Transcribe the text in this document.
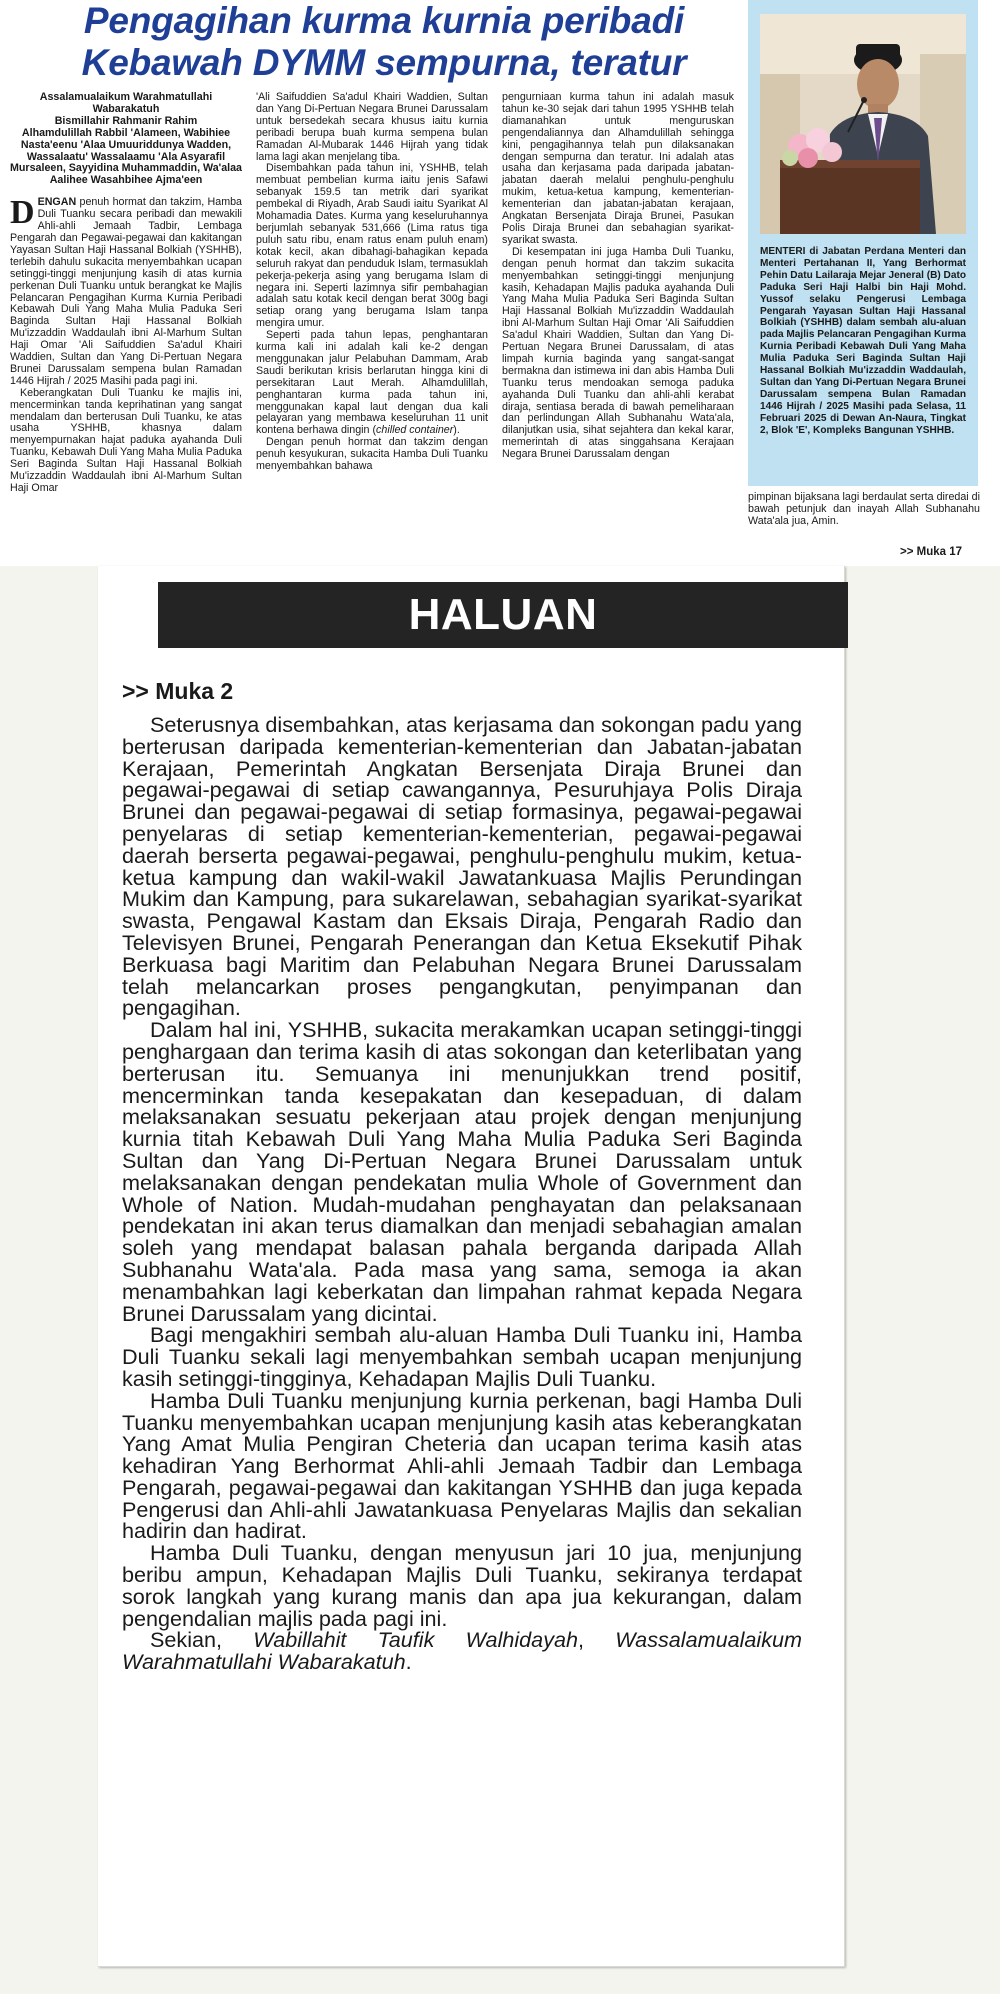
Pengagihan kurma kurnia peribadi
Kebawah DYMM sempurna, teratur
Assalamualaikum Warahmatullahi Wabarakatuh
Bismillahir Rahmanir Rahim
Alhamdulillah Rabbil 'Alameen, Wabihiee Nasta'eenu 'Alaa Umuuriddunya Wadden, Wassalaatu' Wassalaamu 'Ala Asyarafil Mursaleen, Sayyidina Muhammaddin, Wa'alaa Aalihee Wasahbihee Ajma'een

DENGAN penuh hormat dan takzim, Hamba Duli Tuanku secara peribadi dan mewakili Ahli-ahli Jemaah Tadbir, Lembaga Pengarah dan Pegawai-pegawai dan kakitangan Yayasan Sultan Haji Hassanal Bolkiah (YSHHB), terlebih dahulu sukacita menyembahkan ucapan setinggi-tinggi menjunjung kasih di atas kurnia perkenan Duli Tuanku untuk berangkat ke Majlis Pelancaran Pengagihan Kurma Kurnia Peribadi Kebawah Duli Yang Maha Mulia Paduka Seri Baginda Sultan Haji Hassanal Bolkiah Mu'izzaddin Waddaulah ibni Al-Marhum Sultan Haji Omar 'Ali Saifuddien Sa'adul Khairi Waddien, Sultan dan Yang Di-Pertuan Negara Brunei Darussalam sempena bulan Ramadan 1446 Hijrah / 2025 Masihi pada pagi ini.

Keberangkatan Duli Tuanku ke majlis ini, mencerminkan tanda keprihatinan yang sangat mendalam dan berterusan Duli Tuanku, ke atas usaha YSHHB, khasnya dalam menyempurnakan hajat paduka ayahanda Duli Tuanku, Kebawah Duli Yang Maha Mulia Paduka Seri Baginda Sultan Haji Hassanal Bolkiah Mu'izzaddin Waddaulah ibni Al-Marhum Sultan Haji Omar

'Ali Saifuddien Sa'adul Khairi Waddien, Sultan dan Yang Di-Pertuan Negara Brunei Darussalam untuk bersedekah secara khusus iaitu kurnia peribadi berupa buah kurma sempena bulan Ramadan Al-Mubarak 1446 Hijrah yang tidak lama lagi akan menjelang tiba.

Disembahkan pada tahun ini, YSHHB, telah membuat pembelian kurma iaitu jenis Safawi sebanyak 159.5 tan metrik dari syarikat pembekal di Riyadh, Arab Saudi iaitu Syarikat Al Mohamadia Dates. Kurma yang keseluruhannya berjumlah sebanyak 531,666 (Lima ratus tiga puluh satu ribu, enam ratus enam puluh enam) kotak kecil, akan dibahagi-bahagikan kepada seluruh rakyat dan penduduk Islam, termasuklah pekerja-pekerja asing yang berugama Islam di negara ini. Seperti lazimnya sifir pembahagian adalah satu kotak kecil dengan berat 300g bagi setiap orang yang berugama Islam tanpa mengira umur.

Seperti pada tahun lepas, penghantaran kurma kali ini adalah kali ke-2 dengan menggunakan jalur Pelabuhan Dammam, Arab Saudi berikutan krisis berlarutan hingga kini di persekitaran Laut Merah. Alhamdulillah, penghantaran kurma pada tahun ini, menggunakan kapal laut dengan dua kali pelayaran yang membawa keseluruhan 11 unit kontena berhawa dingin (chilled container).

Dengan penuh hormat dan takzim dengan penuh kesyukuran, sukacita Hamba Duli Tuanku menyembahkan bahawa

pengurniaan kurma tahun ini adalah masuk tahun ke-30 sejak dari tahun 1995 YSHHB telah diamanahkan untuk menguruskan pengendaliannya dan Alhamdulillah sehingga kini, pengagihannya telah pun dilaksanakan dengan sempurna dan teratur. Ini adalah atas usaha dan kerjasama pada daripada jabatan-jabatan daerah melalui penghulu-penghulu mukim, ketua-ketua kampung, kementerian-kementerian dan jabatan-jabatan kerajaan, Angkatan Bersenjata Diraja Brunei, Pasukan Polis Diraja Brunei dan sebahagian syarikat-syarikat swasta.

Di kesempatan ini juga Hamba Duli Tuanku, dengan penuh hormat dan takzim sukacita menyembahkan setinggi-tinggi menjunjung kasih, Kehadapan Majlis paduka ayahanda Duli Yang Maha Mulia Paduka Seri Baginda Sultan Haji Hassanal Bolkiah Mu'izzaddin Waddaulah ibni Al-Marhum Sultan Haji Omar 'Ali Saifuddien Sa'adul Khairi Waddien, Sultan dan Yang Di-Pertuan Negara Brunei Darussalam, di atas limpah kurnia baginda yang sangat-sangat bermakna dan istimewa ini dan abis Hamba Duli Tuanku terus mendoakan semoga paduka ayahanda Duli Tuanku dan ahli-ahli kerabat diraja, sentiasa berada di bawah pemeliharaan dan perlindungan Allah Subhanahu Wata'ala, dilanjutkan usia, sihat sejahtera dan kekal karar, memerintah di atas singgahsana Kerajaan Negara Brunei Darussalam dengan

MENTERI di Jabatan Perdana Menteri dan Menteri Pertahanan II, Yang Berhormat Pehin Datu Lailaraja Mejar Jeneral (B) Dato Paduka Seri Haji Halbi bin Haji Mohd. Yussof selaku Pengerusi Lembaga Pengarah Yayasan Sultan Haji Hassanal Bolkiah (YSHHB) dalam sembah alu-aluan pada Majlis Pelancaran Pengagihan Kurma Kurnia Peribadi Kebawah Duli Yang Maha Mulia Paduka Seri Baginda Sultan Haji Hassanal Bolkiah Mu'izzaddin Waddaulah, Sultan dan Yang Di-Pertuan Negara Brunei Darussalam sempena Bulan Ramadan 1446 Hijrah / 2025 Masihi pada Selasa, 11 Februari 2025 di Dewan An-Naura, Tingkat 2, Blok 'E', Kompleks Bangunan YSHHB.
pimpinan bijaksana lagi berdaulat serta diredai di bawah petunjuk dan inayah Allah Subhanahu Wata'ala jua, Amin.
>> Muka 17
HALUAN
>> Muka 2

Seterusnya disembahkan, atas kerjasama dan sokongan padu yang berterusan daripada kementerian-kementerian dan Jabatan-jabatan Kerajaan, Pemerintah Angkatan Bersenjata Diraja Brunei dan pegawai-pegawai di setiap cawangannya, Pesuruhjaya Polis Diraja Brunei dan pegawai-pegawai di setiap formasinya, pegawai-pegawai penyelaras di setiap kementerian-kementerian, pegawai-pegawai daerah berserta pegawai-pegawai, penghulu-penghulu mukim, ketua-ketua kampung dan wakil-wakil Jawatankuasa Majlis Perundingan Mukim dan Kampung, para sukarelawan, sebahagian syarikat-syarikat swasta, Pengawal Kastam dan Eksais Diraja, Pengarah Radio dan Televisyen Brunei, Pengarah Penerangan dan Ketua Eksekutif Pihak Berkuasa bagi Maritim dan Pelabuhan Negara Brunei Darussalam telah melancarkan proses pengangkutan, penyimpanan dan pengagihan.

Dalam hal ini, YSHHB, sukacita merakamkan ucapan setinggi-tinggi penghargaan dan terima kasih di atas sokongan dan keterlibatan yang berterusan itu. Semuanya ini menunjukkan trend positif, mencerminkan tanda kesepakatan dan kesepaduan, di dalam melaksanakan sesuatu pekerjaan atau projek dengan menjunjung kurnia titah Kebawah Duli Yang Maha Mulia Paduka Seri Baginda Sultan dan Yang Di-Pertuan Negara Brunei Darussalam untuk melaksanakan dengan pendekatan mulia Whole of Government dan Whole of Nation. Mudah-mudahan penghayatan dan pelaksanaan pendekatan ini akan terus diamalkan dan menjadi sebahagian amalan soleh yang mendapat balasan pahala berganda daripada Allah Subhanahu Wata'ala. Pada masa yang sama, semoga ia akan menambahkan lagi keberkatan dan limpahan rahmat kepada Negara Brunei Darussalam yang dicintai.

Bagi mengakhiri sembah alu-aluan Hamba Duli Tuanku ini, Hamba Duli Tuanku sekali lagi menyembahkan sembah ucapan menjunjung kasih setinggi-tingginya, Kehadapan Majlis Duli Tuanku.

Hamba Duli Tuanku menjunjung kurnia perkenan, bagi Hamba Duli Tuanku menyembahkan ucapan menjunjung kasih atas keberangkatan Yang Amat Mulia Pengiran Cheteria dan ucapan terima kasih atas kehadiran Yang Berhormat Ahli-ahli Jemaah Tadbir dan Lembaga Pengarah, pegawai-pegawai dan kakitangan YSHHB dan juga kepada Pengerusi dan Ahli-ahli Jawatankuasa Penyelaras Majlis dan sekalian hadirin dan hadirat.

Hamba Duli Tuanku, dengan menyusun jari 10 jua, menjunjung beribu ampun, Kehadapan Majlis Duli Tuanku, sekiranya terdapat sorok langkah yang kurang manis dan apa jua kekurangan, dalam pengendalian majlis pada pagi ini.

Sekian, Wabillahit Taufik Walhidayah, Wassalamualaikum Warahmatullahi Wabarakatuh.
